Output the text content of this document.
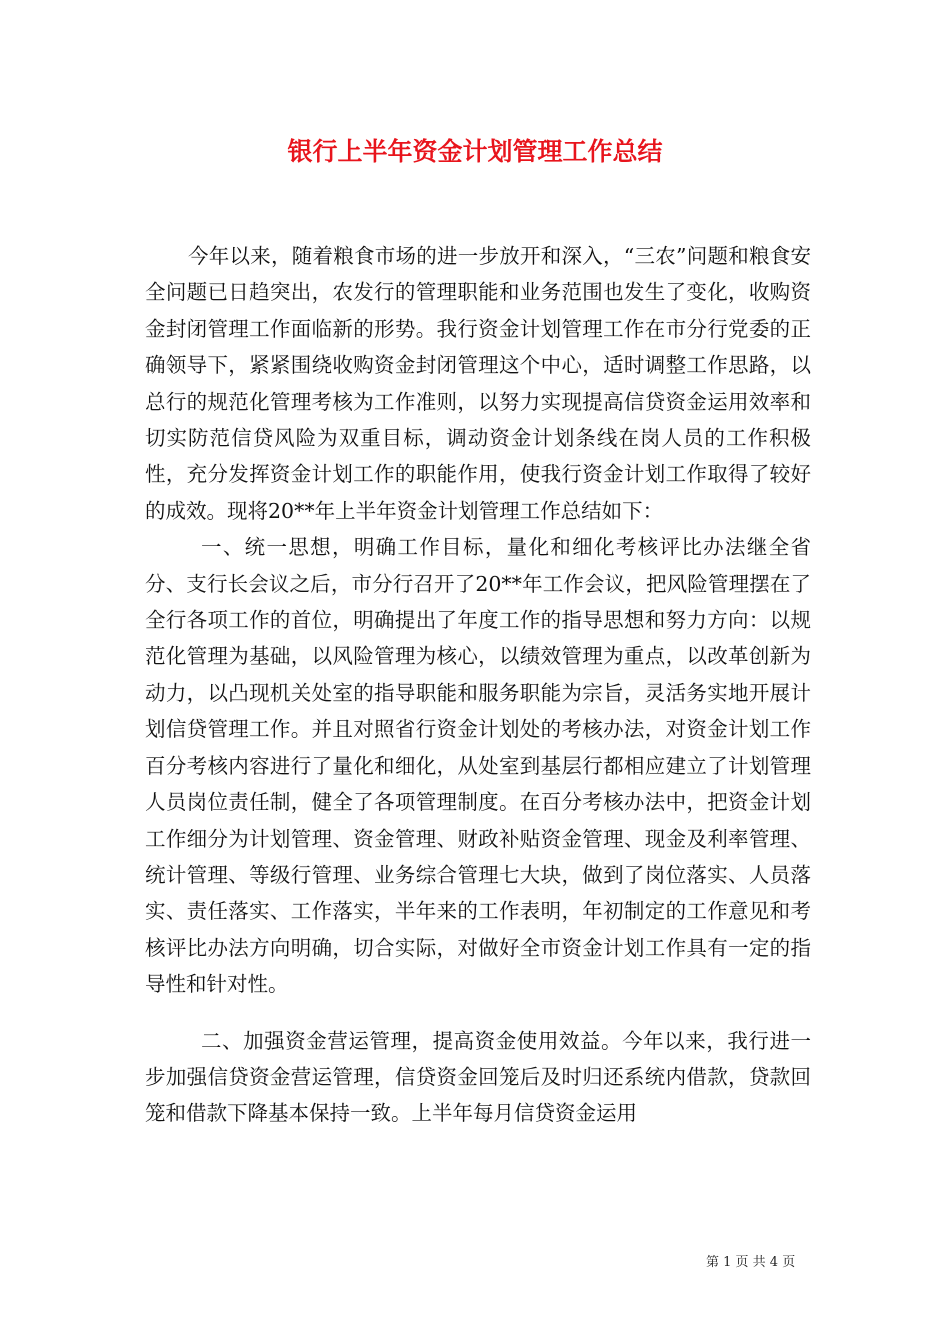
银行上半年资金计划管理工作总结

今年以来，随着粮食市场的进一步放开和深入，“三农”问题和粮食安全问题已日趋突出，农发行的管理职能和业务范围也发生了变化，收购资金封闭管理工作面临新的形势。我行资金计划管理工作在市分行党委的正确领导下，紧紧围绕收购资金封闭管理这个中心，适时调整工作思路，以总行的规范化管理考核为工作准则，以努力实现提高信贷资金运用效率和切实防范信贷风险为双重目标，调动资金计划条线在岗人员的工作积极性，充分发挥资金计划工作的职能作用，使我行资金计划工作取得了较好的成效。现将20**年上半年资金计划管理工作总结如下：

一、统一思想，明确工作目标，量化和细化考核评比办法继全省分、支行长会议之后，市分行召开了20**年工作会议，把风险管理摆在了全行各项工作的首位，明确提出了年度工作的指导思想和努力方向：以规范化管理为基础，以风险管理为核心，以绩效管理为重点，以改革创新为动力，以凸现机关处室的指导职能和服务职能为宗旨，灵活务实地开展计划信贷管理工作。并且对照省行资金计划处的考核办法，对资金计划工作百分考核内容进行了量化和细化，从处室到基层行都相应建立了计划管理人员岗位责任制，健全了各项管理制度。在百分考核办法中，把资金计划工作细分为计划管理、资金管理、财政补贴资金管理、现金及利率管理、统计管理、等级行管理、业务综合管理七大块，做到了岗位落实、人员落实、责任落实、工作落实，半年来的工作表明，年初制定的工作意见和考核评比办法方向明确，切合实际，对做好全市资金计划工作具有一定的指导性和针对性。

二、加强资金营运管理，提高资金使用效益。今年以来，我行进一步加强信贷资金营运管理，信贷资金回笼后及时归还系统内借款，贷款回笼和借款下降基本保持一致。上半年每月信贷资金运用

第 1 页 共 4 页
